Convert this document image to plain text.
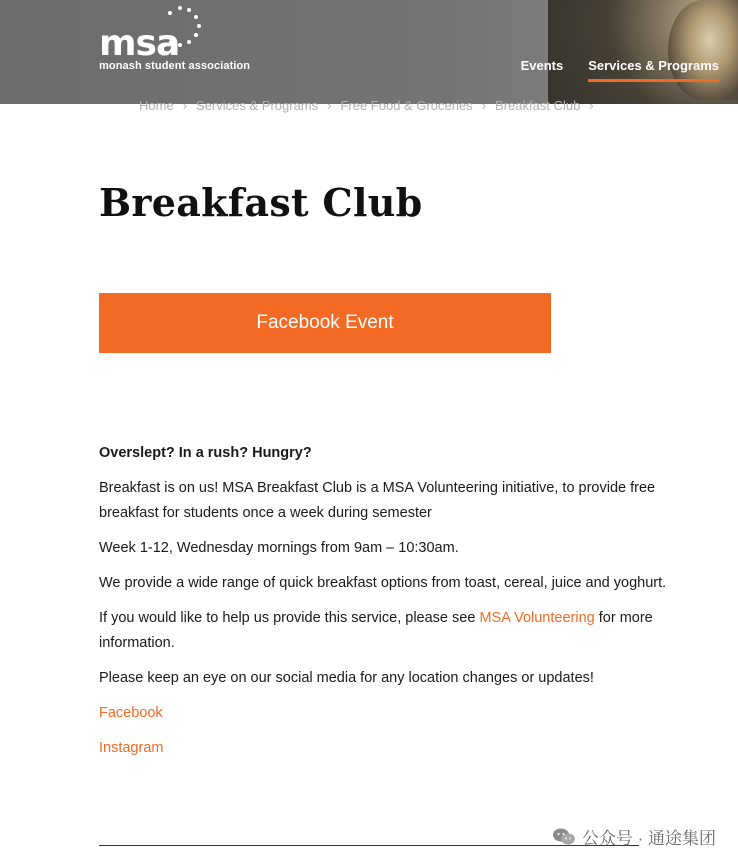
msa
monash student association	Events Services & Programs
Home › Services & Programs › Free Food & Groceries › Breakfast Club ›
Breakfast Club
Facebook Event

Overslept? In a rush? Hungry?

Breakfast is on us! MSA Breakfast Club is a MSA Volunteering initiative, to provide free breakfast for students once a week during semester

Week 1-12, Wednesday mornings from 9am – 10:30am.

We provide a wide range of quick breakfast options from toast, cereal, juice and yoghurt.

If you would like to help us provide this service, please see MSA Volunteering for more information.

Please keep an eye on our social media for any location changes or updates!

Facebook

Instagram

公众号 · 通途集团
